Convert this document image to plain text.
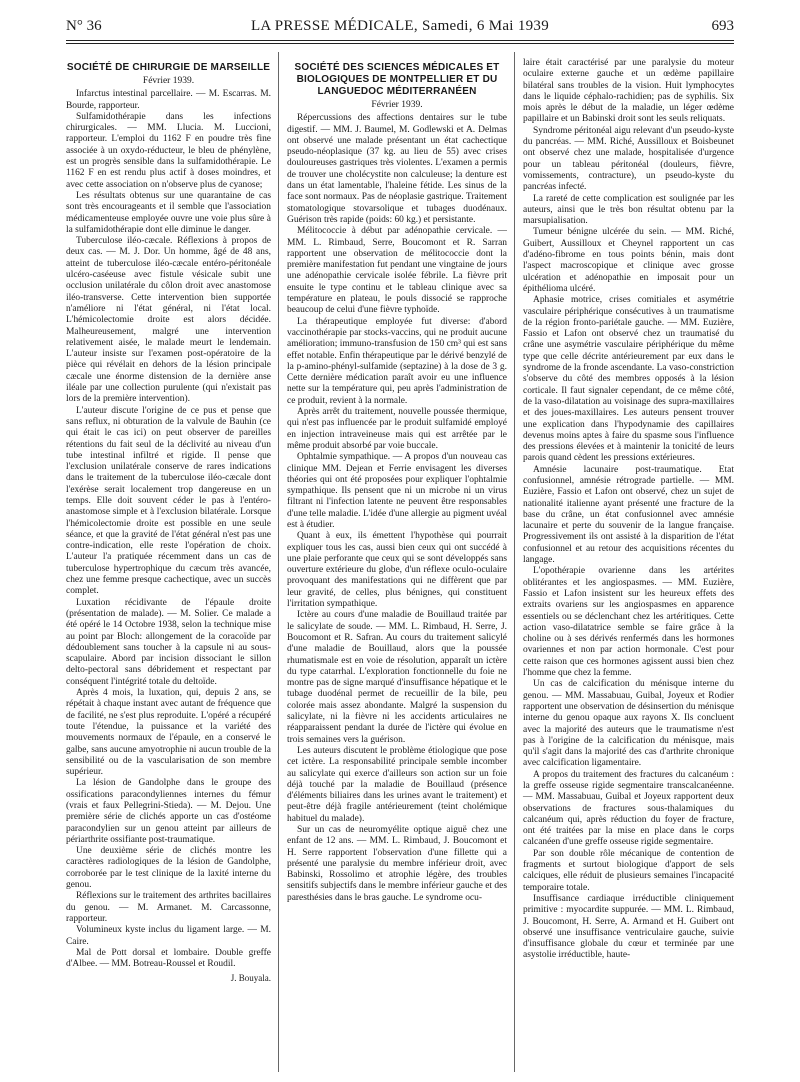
N° 36	LA PRESSE MÉDICALE, Samedi, 6 Mai 1939	693
SOCIÉTÉ DE CHIRURGIE DE MARSEILLE
Février 1939.

Infarctus intestinal parcellaire. — M. Escarras. M. Bourde, rapporteur.

Sulfamidothérapie dans les infections chirurgicales. — MM. Llucia. M. Luccioni, rapporteur. L'emploi du 1162 F en poudre très fine associée à un oxydo-réducteur, le bleu de phénylène, est un progrès sensible dans la sulfamidothérapie. Le 1162 F en est rendu plus actif à doses moindres, et avec cette association on n'observe plus de cyanose;

Les résultats obtenus sur une quarantaine de cas sont très encourageants et il semble que l'association médicamenteuse employée ouvre une voie plus sûre à la sulfamidothérapie dont elle diminue le danger.

Tuberculose iléo-cæcale. Réflexions à propos de deux cas. — M. J. Dor. Un homme, âgé de 48 ans, atteint de tuberculose iléo-cæcale entéro-péritonéale ulcéro-caséeuse avec fistule vésicale subit une occlusion unilatérale du côlon droit avec anastomose iléo-transverse. Cette intervention bien supportée n'améliore ni l'état général, ni l'état local. L'hémicolectomie droite est alors décidée. Malheureusement, malgré une intervention relativement aisée, le malade meurt le lendemain. L'auteur insiste sur l'examen post-opératoire de la pièce qui révélait en dehors de la lésion principale cæcale une énorme distension de la dernière anse iléale par une collection purulente (qui n'existait pas lors de la première intervention).

L'auteur discute l'origine de ce pus et pense que sans reflux, ni obturation de la valvule de Bauhin (ce qui était le cas ici) on peut observer de pareilles rétentions du fait seul de la déclivité au niveau d'un tube intestinal infiltré et rigide. Il pense que l'exclusion unilatérale conserve de rares indications dans le traitement de la tuberculose iléo-cæcale dont l'exérèse serait localement trop dangereuse en un temps. Elle doit souvent céder le pas à l'entéro-anastomose simple et à l'exclusion bilatérale. Lorsque l'hémicolectomie droite est possible en une seule séance, et que la gravité de l'état général n'est pas une contre-indication, elle reste l'opération de choix. L'auteur l'a pratiquée récemment dans un cas de tuberculose hypertrophique du cæcum très avancée, chez une femme presque cachectique, avec un succès complet.

Luxation récidivante de l'épaule droite (présentation de malade). — M. Solier. Ce malade a été opéré le 14 Octobre 1938, selon la technique mise au point par Bloch: allongement de la coracoïde par dédoublement sans toucher à la capsule ni au sous-scapulaire. Abord par incision dissociant le sillon delto-pectoral sans débridement et respectant par conséquent l'intégrité totale du deltoïde.

Après 4 mois, la luxation, qui, depuis 2 ans, se répétait à chaque instant avec autant de fréquence que de facilité, ne s'est plus reproduite. L'opéré a récupéré toute l'étendue, la puissance et la variété des mouvements normaux de l'épaule, en a conservé le galbe, sans aucune amyotrophie ni aucun trouble de la sensibilité ou de la vascularisation de son membre supérieur.

La lésion de Gandolphe dans le groupe des ossifications paracondyliennes internes du fémur (vrais et faux Pellegrini-Stieda). — M. Dejou. Une première série de clichés apporte un cas d'ostéome paracondylien sur un genou atteint par ailleurs de périarthrite ossifiante post-traumatique.

Une deuxième série de clichés montre les caractères radiologiques de la lésion de Gandolphe, corroborée par le test clinique de la laxité interne du genou.

Réflexions sur le traitement des arthrites bacillaires du genou. — M. Armanet. M. Carcassonne, rapporteur.

Volumineux kyste inclus du ligament large. — M. Caire.

Mal de Pott dorsal et lombaire. Double greffe d'Albee. — MM. Botreau-Roussel et Roudil.

J. Bouyala.
SOCIÉTÉ DES SCIENCES MÉDICALES ET BIOLOGIQUES DE MONTPELLIER ET DU LANGUEDOC MÉDITERRANÉEN
Février 1939.

Répercussions des affections dentaires sur le tube digestif. — MM. J. Baumel, M. Godlewski et A. Delmas ont observé une malade présentant un état cachectique pseudo-néoplasique (37 kg. au lieu de 55) avec crises douloureuses gastriques très violentes. L'examen a permis de trouver une cholécystite non calculeuse; la denture est dans un état lamentable, l'haleine fétide. Les sinus de la face sont normaux. Pas de néoplasie gastrique. Traitement stomatologique stovarsolique et tubages duodénaux. Guérison très rapide (poids: 60 kg.) et persistante.

Mélitococcie à début par adénopathie cervicale. — MM. L. Rimbaud, Serre, Boucomont et R. Sarran rapportent une observation de mélitococcie dont la première manifestation fut pendant une vingtaine de jours une adénopathie cervicale isolée fébrile. La fièvre prit ensuite le type continu et le tableau clinique avec sa température en plateau, le pouls dissocié se rapproche beaucoup de celui d'une fièvre typhoïde.

La thérapeutique employée fut diverse: d'abord vaccinothérapie par stocks-vaccins, qui ne produit aucune amélioration; immuno-transfusion de 150 cm³ qui est sans effet notable. Enfin thérapeutique par le dérivé benzylé de la p-amino-phényl-sulfamide (septazine) à la dose de 3 g. Cette dernière médication paraît avoir eu une influence nette sur la température qui, peu après l'administration de ce produit, revient à la normale.

Après arrêt du traitement, nouvelle poussée thermique, qui n'est pas influencée par le produit sulfamidé employé en injection intraveineuse mais qui est arrêtée par le même produit absorbé par voie buccale.

Ophtalmie sympathique. — A propos d'un nouveau cas clinique MM. Dejean et Ferrie envisagent les diverses théories qui ont été proposées pour expliquer l'ophtalmie sympathique. Ils pensent que ni un microbe ni un virus filtrant ni l'infection latente ne peuvent être responsables d'une telle maladie. L'idée d'une allergie au pigment uvéal est à étudier.

Quant à eux, ils émettent l'hypothèse qui pourrait expliquer tous les cas, aussi bien ceux qui ont succédé à une plaie perforante que ceux qui se sont développés sans ouverture extérieure du globe, d'un réflexe oculo-oculaire provoquant des manifestations qui ne diffèrent que par leur gravité, de celles, plus bénignes, qui constituent l'irritation sympathique.

Ictère au cours d'une maladie de Bouillaud traitée par le salicylate de soude. — MM. L. Rimbaud, H. Serre, J. Boucomont et R. Safran. Au cours du traitement salicylé d'une maladie de Bouillaud, alors que la poussée rhumatismale est en voie de résolution, apparaît un ictère du type catarrhal. L'exploration fonctionnelle du foie ne montre pas de signe marqué d'insuffisance hépatique et le tubage duodénal permet de recueillir de la bile, peu colorée mais assez abondante. Malgré la suspension du salicylate, ni la fièvre ni les accidents articulaires ne réapparaissent pendant la durée de l'ictère qui évolue en trois semaines vers la guérison.

Les auteurs discutent le problème étiologique que pose cet ictère. La responsabilité principale semble incomber au salicylate qui exerce d'ailleurs son action sur un foie déjà touché par la maladie de Bouillaud (présence d'éléments biliaires dans les urines avant le traitement) et peut-être déjà fragile antérieurement (teint cholémique habituel du malade).

Sur un cas de neuromyélite optique aiguë chez une enfant de 12 ans. — MM. L. Rimbaud, J. Boucomont et H. Serre rapportent l'observation d'une fillette qui a présenté une paralysie du membre inférieur droit, avec Babinski, Rossolimo et atrophie légère, des troubles sensitifs subjectifs dans le membre inférieur gauche et des paresthésies dans le bras gauche. Le syndrome ocu-

laire était caractérisé par une paralysie du moteur oculaire externe gauche et un œdème papillaire bilatéral sans troubles de la vision. Huit lymphocytes dans le liquide céphalo-rachidien; pas de syphilis. Six mois après le début de la maladie, un léger œdème papillaire et un Babinski droit sont les seuls reliquats.

Syndrome péritonéal aigu relevant d'un pseudo-kyste du pancréas. — MM. Riché, Aussilloux et Boisbeunet ont observé chez une malade, hospitalisée d'urgence pour un tableau péritonéal (douleurs, fièvre, vomissements, contracture), un pseudo-kyste du pancréas infecté.

La rareté de cette complication est soulignée par les auteurs, ainsi que le très bon résultat obtenu par la marsupialisation.

Tumeur bénigne ulcérée du sein. — MM. Riché, Guibert, Aussilloux et Cheynel rapportent un cas d'adéno-fibrome en tous points bénin, mais dont l'aspect macroscopique et clinique avec grosse ulcération et adénopathie en imposait pour un épithélioma ulcéré.

Aphasie motrice, crises comitiales et asymétrie vasculaire périphérique consécutives à un traumatisme de la région fronto-pariétale gauche. — MM. Euzière, Fassio et Lafon ont observé chez un traumatisé du crâne une asymétrie vasculaire périphérique du même type que celle décrite antérieurement par eux dans le syndrome de la fronde ascendante. La vaso-constriction s'observe du côté des membres opposés à la lésion corticale. Il faut signaler cependant, de ce même côté, de la vaso-dilatation au voisinage des supra-maxillaires et des joues-maxillaires. Les auteurs pensent trouver une explication dans l'hypodynamie des capillaires devenus moins aptes à faire du spasme sous l'influence des pressions élevées et à maintenir la tonicité de leurs parois quand cèdent les pressions extérieures.

Amnésie lacunaire post-traumatique. Etat confusionnel, amnésie rétrograde partielle. — MM. Euzière, Fassio et Lafon ont observé, chez un sujet de nationalité italienne ayant présenté une fracture de la base du crâne, un état confusionnel avec amnésie lacunaire et perte du souvenir de la langue française. Progressivement ils ont assisté à la disparition de l'état confusionnel et au retour des acquisitions récentes du langage.

L'opothérapie ovarienne dans les artérites oblitérantes et les angiospasmes. — MM. Euzière, Fassio et Lafon insistent sur les heureux effets des extraits ovariens sur les angiospasmes en apparence essentiels ou se déclenchant chez les artéritiques. Cette action vaso-dilatatrice semble se faire grâce à la choline ou à ses dérivés renfermés dans les hormones ovariennes et non par action hormonale. C'est pour cette raison que ces hormones agissent aussi bien chez l'homme que chez la femme.

Un cas de calcification du ménisque interne du genou. — MM. Massabuau, Guibal, Joyeux et Rodier rapportent une observation de désinsertion du ménisque interne du genou opaque aux rayons X. Ils concluent avec la majorité des auteurs que le traumatisme n'est pas à l'origine de la calcification du ménisque, mais qu'il s'agit dans la majorité des cas d'arthrite chronique avec calcification ligamentaire.

A propos du traitement des fractures du calcanéum : la greffe osseuse rigide segmentaire transcalcanéenne. — MM. Massabuau, Guibal et Joyeux rapportent deux observations de fractures sous-thalamiques du calcanéum qui, après réduction du foyer de fracture, ont été traitées par la mise en place dans le corps calcanéen d'une greffe osseuse rigide segmentaire.

Par son double rôle mécanique de contention de fragments et surtout biologique d'apport de sels calciques, elle réduit de plusieurs semaines l'incapacité temporaire totale.

Insuffisance cardiaque irréductible cliniquement primitive : myocardite suppurée. — MM. L. Rimbaud, J. Boucomont, H. Serre, A. Armand et H. Guibert ont observé une insuffisance ventriculaire gauche, suivie d'insuffisance globale du cœur et terminée par une asystolie irréductible, haute-
